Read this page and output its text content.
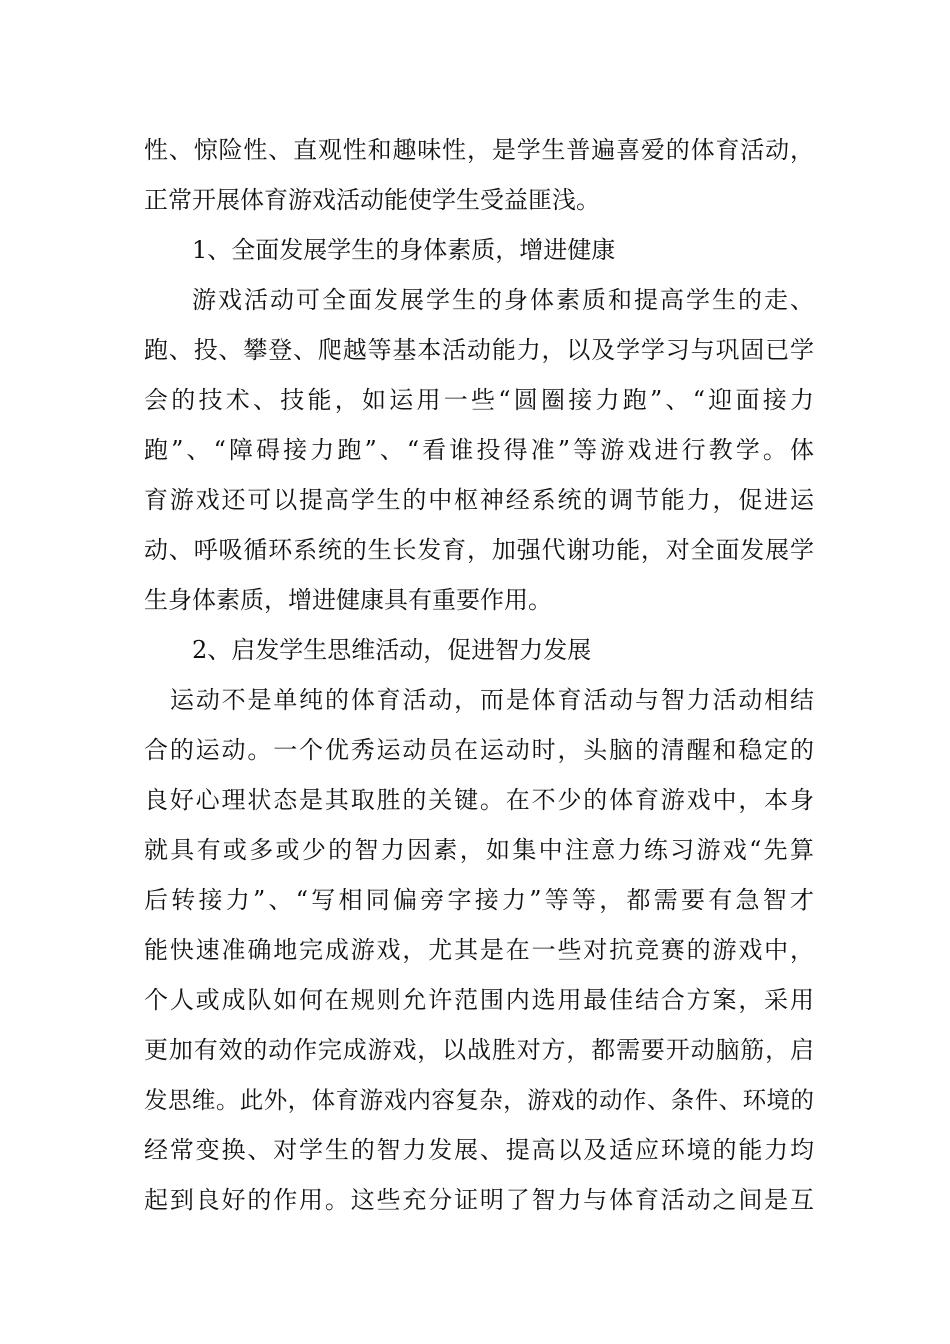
性、惊险性、直观性和趣味性，是学生普遍喜爱的体育活动，
正常开展体育游戏活动能使学生受益匪浅。
1、全面发展学生的身体素质，增进健康
游戏活动可全面发展学生的身体素质和提高学生的走、
跑、投、攀登、爬越等基本活动能力，以及学学习与巩固已学
会的技术、技能，如运用一些“圆圈接力跑”、“迎面接力
跑”、“障碍接力跑”、“看谁投得准”等游戏进行教学。体
育游戏还可以提高学生的中枢神经系统的调节能力，促进运
动、呼吸循环系统的生长发育，加强代谢功能，对全面发展学
生身体素质，增进健康具有重要作用。
2、启发学生思维活动，促进智力发展
运动不是单纯的体育活动，而是体育活动与智力活动相结
合的运动。一个优秀运动员在运动时，头脑的清醒和稳定的
良好心理状态是其取胜的关键。在不少的体育游戏中，本身
就具有或多或少的智力因素，如集中注意力练习游戏“先算
后转接力”、“写相同偏旁字接力”等等，都需要有急智才
能快速准确地完成游戏，尤其是在一些对抗竞赛的游戏中，
个人或成队如何在规则允许范围内选用最佳结合方案，采用
更加有效的动作完成游戏，以战胜对方，都需要开动脑筋，启
发思维。此外，体育游戏内容复杂，游戏的动作、条件、环境的
经常变换、对学生的智力发展、提高以及适应环境的能力均
起到良好的作用。这些充分证明了智力与体育活动之间是互
